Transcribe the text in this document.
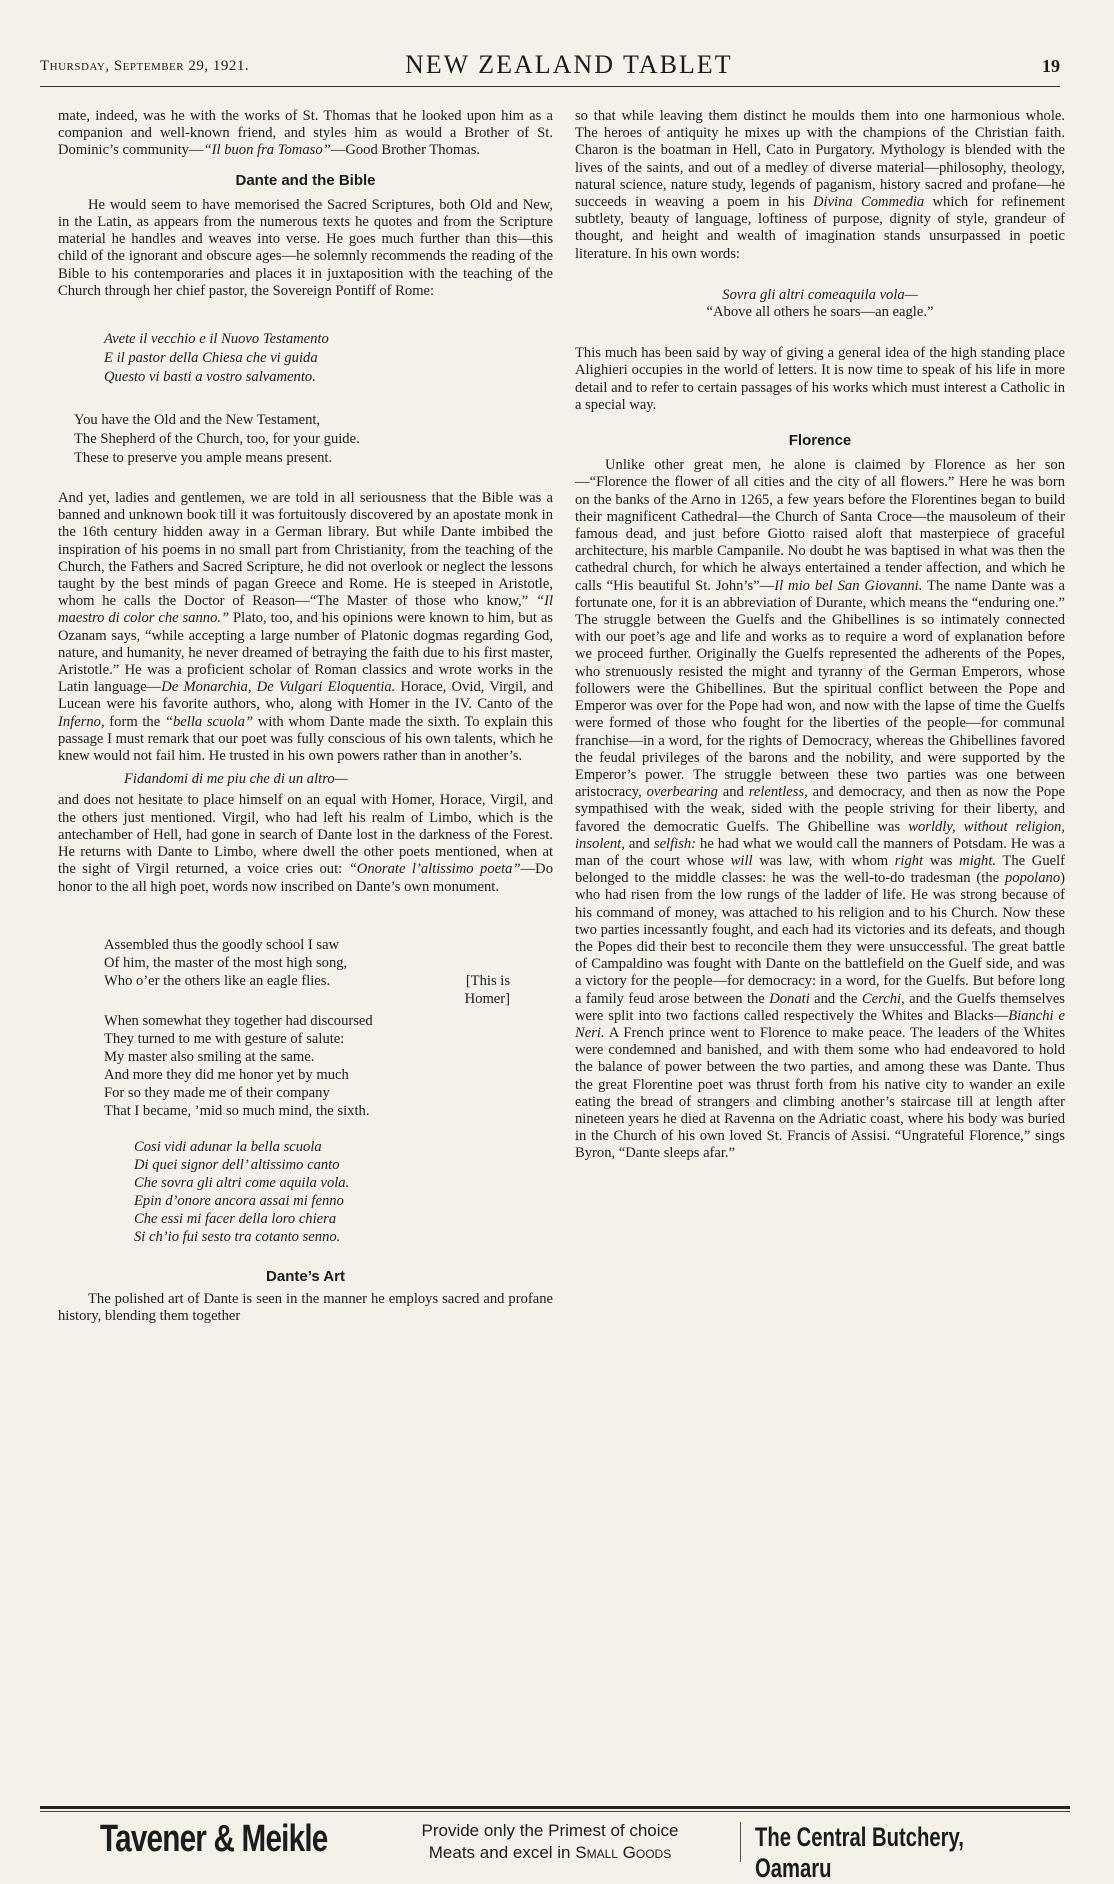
Thursday, September 29, 1921.	NEW ZEALAND TABLET	19

mate, indeed, was he with the works of St. Thomas that he looked upon him as a companion and well-known friend, and styles him as would a Brother of St. Dominic’s community—“Il buon fra Tomaso”—Good Brother Thomas.

Dante and the Bible

He would seem to have memorised the Sacred Scriptures, both Old and New, in the Latin, as appears from the numerous texts he quotes and from the Scripture material he handles and weaves into verse. He goes much further than this—this child of the ignorant and obscure ages—he solemnly recommends the reading of the Bible to his contemporaries and places it in juxtaposition with the teaching of the Church through her chief pastor, the Sovereign Pontiff of Rome:

Avete il vecchio e il Nuovo Testamento
E il pastor della Chiesa che vi guida
Questo vi basti a vostro salvamento.
You have the Old and the New Testament,
The Shepherd of the Church, too, for your guide.
These to preserve you ample means present.

And yet, ladies and gentlemen, we are told in all seriousness that the Bible was a banned and unknown book till it was fortuitously discovered by an apostate monk in the 16th century hidden away in a German library. But while Dante imbibed the inspiration of his poems in no small part from Christianity, from the teaching of the Church, the Fathers and Sacred Scripture, he did not overlook or neglect the lessons taught by the best minds of pagan Greece and Rome. He is steeped in Aristotle, whom he calls the Doctor of Reason—“The Master of those who know,” “Il maestro di color che sanno.” Plato, too, and his opinions were known to him, but as Ozanam says, “while accepting a large number of Platonic dogmas regarding God, nature, and humanity, he never dreamed of betraying the faith due to his first master, Aristotle.” He was a proficient scholar of Roman classics and wrote works in the Latin language—De Monarchia, De Vulgari Eloquentia. Horace, Ovid, Virgil, and Lucean were his favorite authors, who, along with Homer in the IV. Canto of the Inferno, form the “bella scuola” with whom Dante made the sixth. To explain this passage I must remark that our poet was fully conscious of his own talents, which he knew would not fail him. He trusted in his own powers rather than in another’s.

Fidandomi di me piu che di un altro—

and does not hesitate to place himself on an equal with Homer, Horace, Virgil, and the others just mentioned. Virgil, who had left his realm of Limbo, which is the antechamber of Hell, had gone in search of Dante lost in the darkness of the Forest. He returns with Dante to Limbo, where dwell the other poets mentioned, when at the sight of Virgil returned, a voice cries out: “Onorate l’altissimo poeta”—Do honor to the all high poet, words now inscribed on Dante’s own monument.

Assembled thus the goodly school I saw
Of him, the master of the most high song,
Who o’er the others like an eagle flies.	[This is Homer]
When somewhat they together had discoursed
They turned to me with gesture of salute:
My master also smiling at the same.
And more they did me honor yet by much
For so they made me of their company
That I became, ’mid so much mind, the sixth.
Cosi vidi adunar la bella scuola
Di quei signor dell’ altissimo canto
Che sovra gli altri come aquila vola.
Epin d’onore ancora assai mi fenno
Che essi mi facer della loro chiera
Si ch’io fui sesto tra cotanto senno.

Dante’s Art

The polished art of Dante is seen in the manner he employs sacred and profane history, blending them together

so that while leaving them distinct he moulds them into one harmonious whole. The heroes of antiquity he mixes up with the champions of the Christian faith. Charon is the boatman in Hell, Cato in Purgatory. Mythology is blended with the lives of the saints, and out of a medley of diverse material—philosophy, theology, natural science, nature study, legends of paganism, history sacred and profane—he succeeds in weaving a poem in his Divina Commedia which for refinement subtlety, beauty of language, loftiness of purpose, dignity of style, grandeur of thought, and height and wealth of imagination stands unsurpassed in poetic literature. In his own words:

Sovra gli altri comeaquila vola—

“Above all others he soars—an eagle.”

This much has been said by way of giving a general idea of the high standing place Alighieri occupies in the world of letters. It is now time to speak of his life in more detail and to refer to certain passages of his works which must interest a Catholic in a special way.

Florence

Unlike other great men, he alone is claimed by Florence as her son—“Florence the flower of all cities and the city of all flowers.” Here he was born on the banks of the Arno in 1265, a few years before the Florentines began to build their magnificent Cathedral—the Church of Santa Croce—the mausoleum of their famous dead, and just before Giotto raised aloft that masterpiece of graceful architecture, his marble Campanile. No doubt he was baptised in what was then the cathedral church, for which he always entertained a tender affection, and which he calls “His beautiful St. John’s”—Il mio bel San Giovanni. The name Dante was a fortunate one, for it is an abbreviation of Durante, which means the “enduring one.” The struggle between the Guelfs and the Ghibellines is so intimately connected with our poet’s age and life and works as to require a word of explanation before we proceed further. Originally the Guelfs represented the adherents of the Popes, who strenuously resisted the might and tyranny of the German Emperors, whose followers were the Ghibellines. But the spiritual conflict between the Pope and Emperor was over for the Pope had won, and now with the lapse of time the Guelfs were formed of those who fought for the liberties of the people—for communal franchise—in a word, for the rights of Democracy, whereas the Ghibellines favored the feudal privileges of the barons and the nobility, and were supported by the Emperor’s power. The struggle between these two parties was one between aristocracy, overbearing and relentless, and democracy, and then as now the Pope sympathised with the weak, sided with the people striving for their liberty, and favored the democratic Guelfs. The Ghibelline was worldly, without religion, insolent, and selfish: he had what we would call the manners of Potsdam. He was a man of the court whose will was law, with whom right was might. The Guelf belonged to the middle classes: he was the well-to-do tradesman (the popolano) who had risen from the low rungs of the ladder of life. He was strong because of his command of money, was attached to his religion and to his Church. Now these two parties incessantly fought, and each had its victories and its defeats, and though the Popes did their best to reconcile them they were unsuccessful. The great battle of Campaldino was fought with Dante on the battlefield on the Guelf side, and was a victory for the people—for democracy: in a word, for the Guelfs. But before long a family feud arose between the Donati and the Cerchi, and the Guelfs themselves were split into two factions called respectively the Whites and Blacks—Bianchi e Neri. A French prince went to Florence to make peace. The leaders of the Whites were condemned and banished, and with them some who had endeavored to hold the balance of power between the two parties, and among these was Dante. Thus the great Florentine poet was thrust forth from his native city to wander an exile eating the bread of strangers and climbing another’s staircase till at length after nineteen years he died at Ravenna on the Adriatic coast, where his body was buried in the Church of his own loved St. Francis of Assisi. “Ungrateful Florence,” sings Byron, “Dante sleeps afar.”

Tavener & Meikle	Provide only the Primest of choice
Meats and excel in Small Goods
The Central Butchery, Oamaru
